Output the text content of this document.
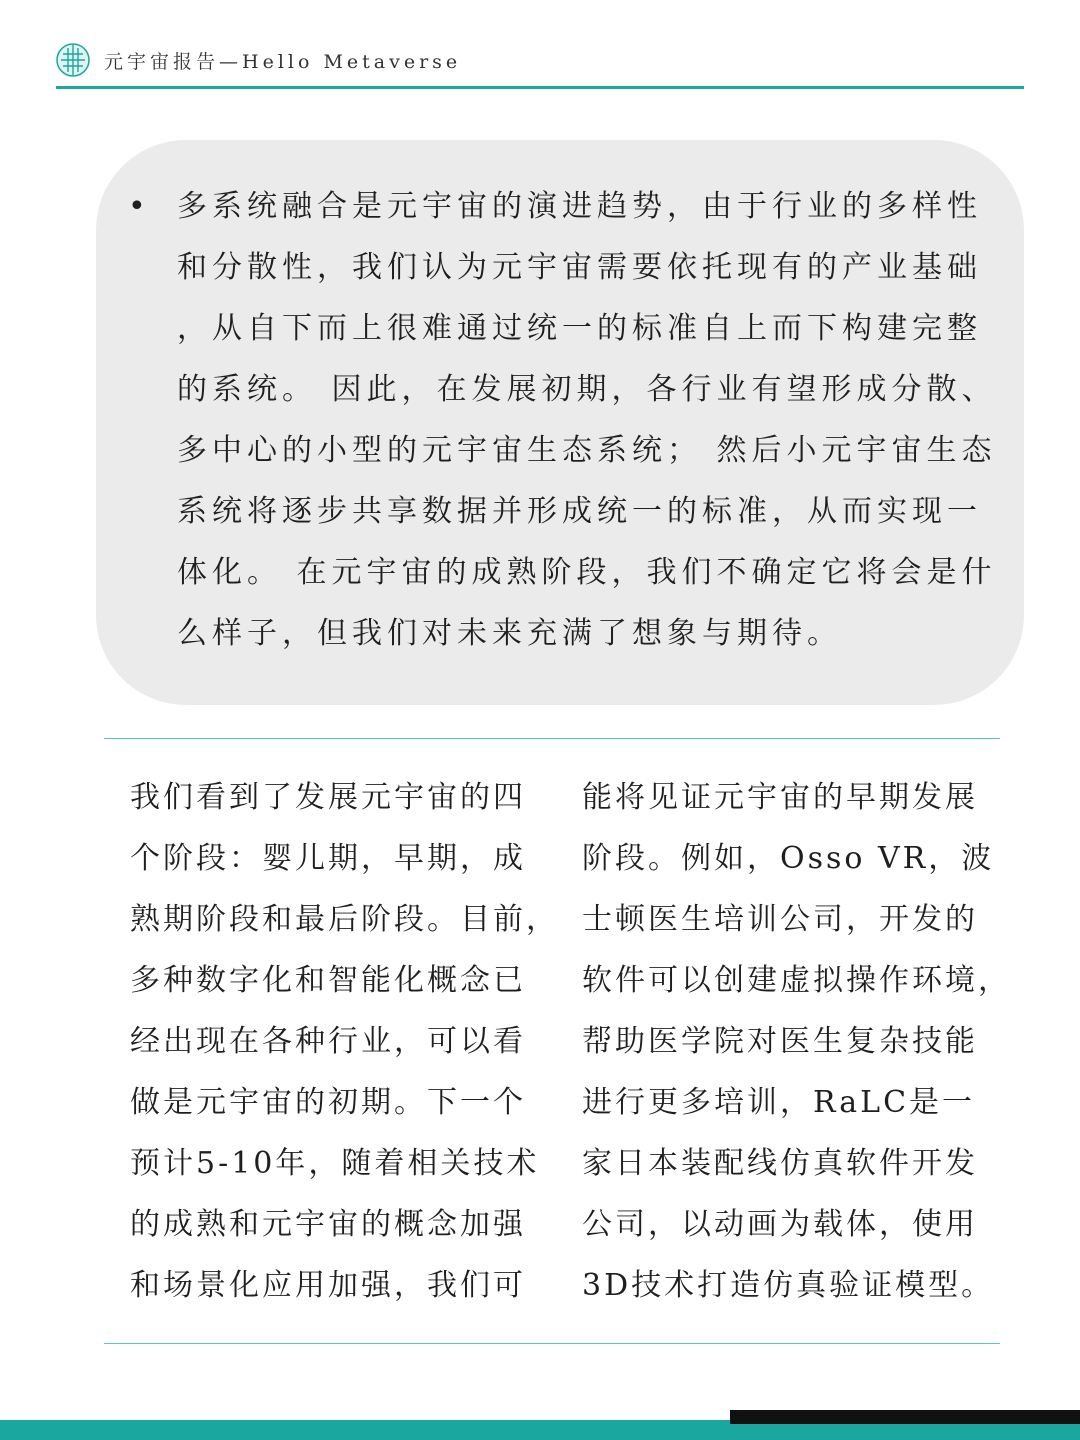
元宇宙报告—Hello Metaverse
• 多系统融合是元宇宙的演进趋势，由于行业的多样性
和分散性，我们认为元宇宙需要依托现有的产业基础
，从自下而上很难通过统一的标准自上而下构建完整
的系统。 因此，在发展初期，各行业有望形成分散、
多中心的小型的元宇宙生态系统； 然后小元宇宙生态
系统将逐步共享数据并形成统一的标准，从而实现一
体化。 在元宇宙的成熟阶段，我们不确定它将会是什
么样子，但我们对未来充满了想象与期待。
我们看到了发展元宇宙的四
个阶段：婴儿期，早期，成
熟期阶段和最后阶段。目前，
多种数字化和智能化概念已
经出现在各种行业，可以看
做是元宇宙的初期。下一个
预计5-10年，随着相关技术
的成熟和元宇宙的概念加强
和场景化应用加强，我们可
能将见证元宇宙的早期发展
阶段。例如，Osso VR，波
士顿医生培训公司，开发的
软件可以创建虚拟操作环境，
帮助医学院对医生复杂技能
进行更多培训，RaLC是一
家日本装配线仿真软件开发
公司，以动画为载体，使用
3D技术打造仿真验证模型。
